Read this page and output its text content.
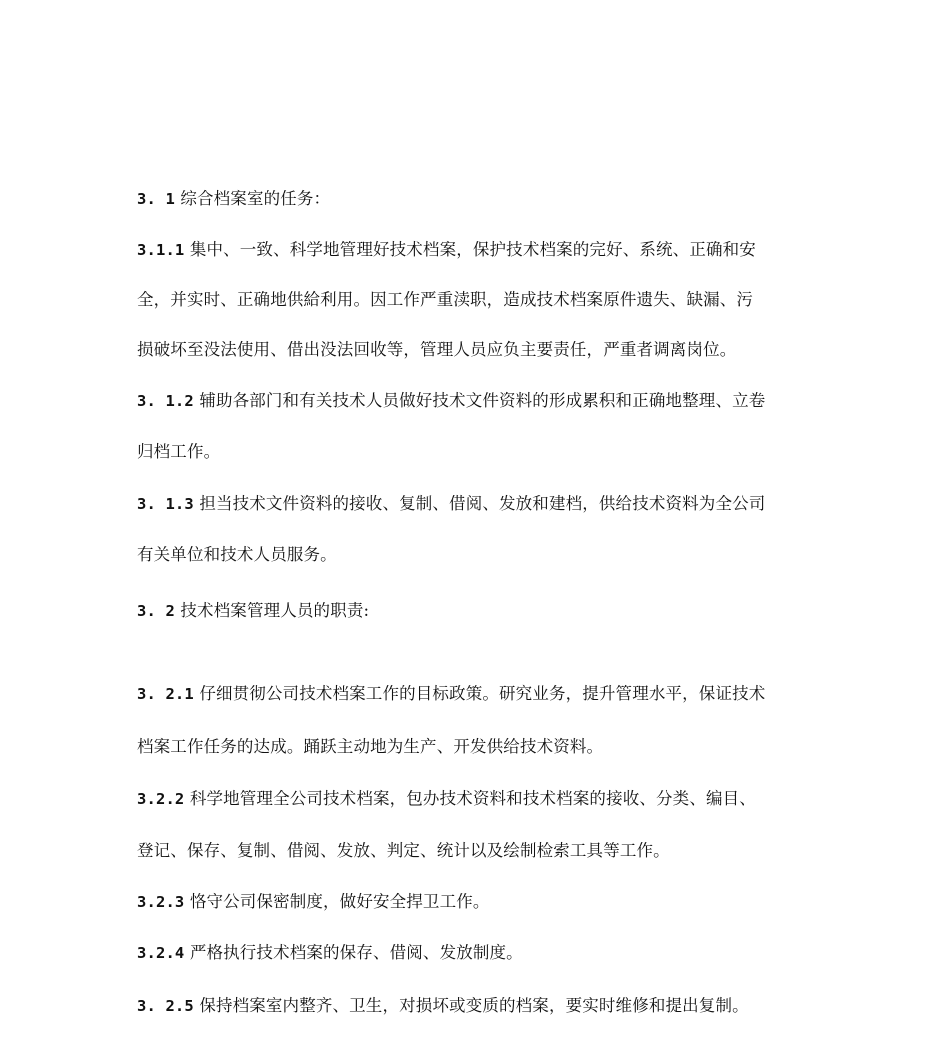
3. 1 综合档案室的任务：
3.1.1 集中、一致、科学地管理好技术档案，保护技术档案的完好、系统、正确和安
全，并实时、正确地供給利用。因工作严重渎职，造成技术档案原件遗失、缺漏、污
损破坏至没法使用、借出没法回收等，管理人员应负主要责任，严重者调离岗位。
3. 1.2 辅助各部门和有关技术人员做好技术文件资料的形成累积和正确地整理、立卷
归档工作。
3. 1.3 担当技术文件资料的接收、复制、借阅、发放和建档，供给技术资料为全公司
有关单位和技术人员服务。
3. 2 技术档案管理人员的职责:
3. 2.1 仔细贯彻公司技术档案工作的目标政策。研究业务，提升管理水平，保证技术
档案工作任务的达成。踊跃主动地为生产、开发供给技术资料。
3.2.2 科学地管理全公司技术档案，包办技术资料和技术档案的接收、分类、编目、
登记、保存、复制、借阅、发放、判定、统计以及绘制检索工具等工作。
3.2.3 恪守公司保密制度，做好安全捍卫工作。
3.2.4 严格执行技术档案的保存、借阅、发放制度。
3. 2.5 保持档案室内整齐、卫生，对损坏或变质的档案，要实时维修和提出复制。
